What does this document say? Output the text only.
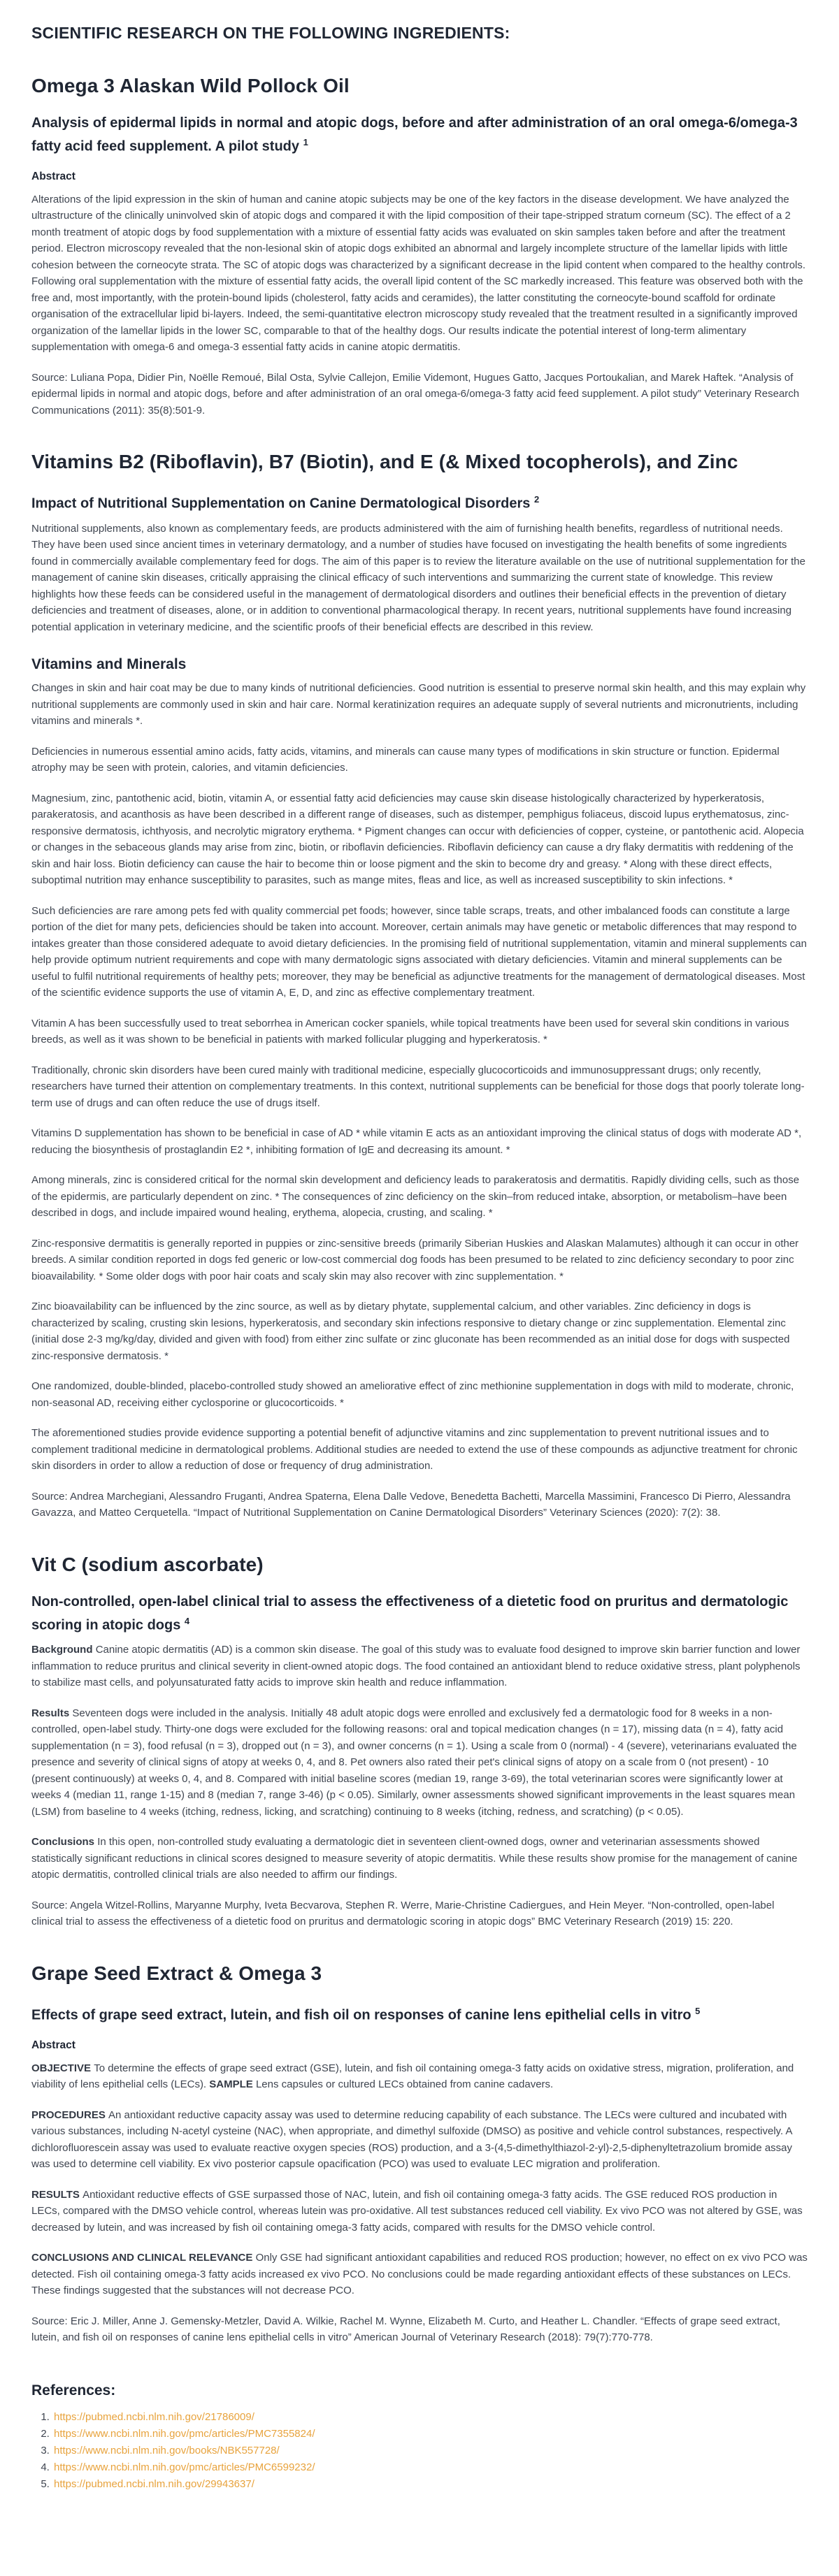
SCIENTIFIC RESEARCH ON THE FOLLOWING INGREDIENTS:
Omega 3 Alaskan Wild Pollock Oil
Analysis of epidermal lipids in normal and atopic dogs, before and after administration of an oral omega-6/omega-3 fatty acid feed supplement. A pilot study $^1$
Abstract

Alterations of the lipid expression in the skin of human and canine atopic subjects may be one of the key factors in the disease development. We have analyzed the ultrastructure of the clinically uninvolved skin of atopic dogs and compared it with the lipid composition of their tape-stripped stratum corneum (SC). The effect of a 2 month treatment of atopic dogs by food supplementation with a mixture of essential fatty acids was evaluated on skin samples taken before and after the treatment period. Electron microscopy revealed that the non-lesional skin of atopic dogs exhibited an abnormal and largely incomplete structure of the lamellar lipids with little cohesion between the corneocyte strata. The SC of atopic dogs was characterized by a significant decrease in the lipid content when compared to the healthy controls. Following oral supplementation with the mixture of essential fatty acids, the overall lipid content of the SC markedly increased. This feature was observed both with the free and, most importantly, with the protein-bound lipids (cholesterol, fatty acids and ceramides), the latter constituting the corneocyte-bound scaffold for ordinate organisation of the extracellular lipid bi-layers. Indeed, the semi-quantitative electron microscopy study revealed that the treatment resulted in a significantly improved organization of the lamellar lipids in the lower SC, comparable to that of the healthy dogs. Our results indicate the potential interest of long-term alimentary supplementation with omega-6 and omega-3 essential fatty acids in canine atopic dermatitis.

Source: Luliana Popa, Didier Pin, Noëlle Remoué, Bilal Osta, Sylvie Callejon, Emilie Videmont, Hugues Gatto, Jacques Portoukalian, and Marek Haftek. “Analysis of epidermal lipids in normal and atopic dogs, before and after administration of an oral omega-6/omega-3 fatty acid feed supplement. A pilot study” Veterinary Research Communications (2011): 35(8):501-9.

Vitamins B2 (Riboflavin), B7 (Biotin), and E (& Mixed tocopherols), and Zinc
Impact of Nutritional Supplementation on Canine Dermatological Disorders $^2$

Nutritional supplements, also known as complementary feeds, are products administered with the aim of furnishing health benefits, regardless of nutritional needs. They have been used since ancient times in veterinary dermatology, and a number of studies have focused on investigating the health benefits of some ingredients found in commercially available complementary feed for dogs. The aim of this paper is to review the literature available on the use of nutritional supplementation for the management of canine skin diseases, critically appraising the clinical efficacy of such interventions and summarizing the current state of knowledge. This review highlights how these feeds can be considered useful in the management of dermatological disorders and outlines their beneficial effects in the prevention of dietary deficiencies and treatment of diseases, alone, or in addition to conventional pharmacological therapy. In recent years, nutritional supplements have found increasing potential application in veterinary medicine, and the scientific proofs of their beneficial effects are described in this review.

Vitamins and Minerals

Changes in skin and hair coat may be due to many kinds of nutritional deficiencies. Good nutrition is essential to preserve normal skin health, and this may explain why nutritional supplements are commonly used in skin and hair care. Normal keratinization requires an adequate supply of several nutrients and micronutrients, including vitamins and minerals *.

Deficiencies in numerous essential amino acids, fatty acids, vitamins, and minerals can cause many types of modifications in skin structure or function. Epidermal atrophy may be seen with protein, calories, and vitamin deficiencies.

Magnesium, zinc, pantothenic acid, biotin, vitamin A, or essential fatty acid deficiencies may cause skin disease histologically characterized by hyperkeratosis, parakeratosis, and acanthosis as have been described in a different range of diseases, such as distemper, pemphigus foliaceus, discoid lupus erythematosus, zinc-responsive dermatosis, ichthyosis, and necrolytic migratory erythema. * Pigment changes can occur with deficiencies of copper, cysteine, or pantothenic acid. Alopecia or changes in the sebaceous glands may arise from zinc, biotin, or riboflavin deficiencies. Riboflavin deficiency can cause a dry flaky dermatitis with reddening of the skin and hair loss. Biotin deficiency can cause the hair to become thin or loose pigment and the skin to become dry and greasy. * Along with these direct effects, suboptimal nutrition may enhance susceptibility to parasites, such as mange mites, fleas and lice, as well as increased susceptibility to skin infections. *

Such deficiencies are rare among pets fed with quality commercial pet foods; however, since table scraps, treats, and other imbalanced foods can constitute a large portion of the diet for many pets, deficiencies should be taken into account. Moreover, certain animals may have genetic or metabolic differences that may respond to intakes greater than those considered adequate to avoid dietary deficiencies. In the promising field of nutritional supplementation, vitamin and mineral supplements can help provide optimum nutrient requirements and cope with many dermatologic signs associated with dietary deficiencies. Vitamin and mineral supplements can be useful to fulfil nutritional requirements of healthy pets; moreover, they may be beneficial as adjunctive treatments for the management of dermatological diseases. Most of the scientific evidence supports the use of vitamin A, E, D, and zinc as effective complementary treatment.

Vitamin A has been successfully used to treat seborrhea in American cocker spaniels, while topical treatments have been used for several skin conditions in various breeds, as well as it was shown to be beneficial in patients with marked follicular plugging and hyperkeratosis. *

Traditionally, chronic skin disorders have been cured mainly with traditional medicine, especially glucocorticoids and immunosuppressant drugs; only recently, researchers have turned their attention on complementary treatments. In this context, nutritional supplements can be beneficial for those dogs that poorly tolerate long-term use of drugs and can often reduce the use of drugs itself.

Vitamins D supplementation has shown to be beneficial in case of AD * while vitamin E acts as an antioxidant improving the clinical status of dogs with moderate AD *, reducing the biosynthesis of prostaglandin E2 *, inhibiting formation of IgE and decreasing its amount. *

Among minerals, zinc is considered critical for the normal skin development and deficiency leads to parakeratosis and dermatitis. Rapidly dividing cells, such as those of the epidermis, are particularly dependent on zinc. * The consequences of zinc deficiency on the skin–from reduced intake, absorption, or metabolism–have been described in dogs, and include impaired wound healing, erythema, alopecia, crusting, and scaling. *

Zinc-responsive dermatitis is generally reported in puppies or zinc-sensitive breeds (primarily Siberian Huskies and Alaskan Malamutes) although it can occur in other breeds. A similar condition reported in dogs fed generic or low-cost commercial dog foods has been presumed to be related to zinc deficiency secondary to poor zinc bioavailability. * Some older dogs with poor hair coats and scaly skin may also recover with zinc supplementation. *

Zinc bioavailability can be influenced by the zinc source, as well as by dietary phytate, supplemental calcium, and other variables. Zinc deficiency in dogs is characterized by scaling, crusting skin lesions, hyperkeratosis, and secondary skin infections responsive to dietary change or zinc supplementation. Elemental zinc (initial dose 2-3 mg/kg/day, divided and given with food) from either zinc sulfate or zinc gluconate has been recommended as an initial dose for dogs with suspected zinc-responsive dermatosis. *

One randomized, double-blinded, placebo-controlled study showed an ameliorative effect of zinc methionine supplementation in dogs with mild to moderate, chronic, non-seasonal AD, receiving either cyclosporine or glucocorticoids. *

The aforementioned studies provide evidence supporting a potential benefit of adjunctive vitamins and zinc supplementation to prevent nutritional issues and to complement traditional medicine in dermatological problems. Additional studies are needed to extend the use of these compounds as adjunctive treatment for chronic skin disorders in order to allow a reduction of dose or frequency of drug administration.

Source: Andrea Marchegiani, Alessandro Fruganti, Andrea Spaterna, Elena Dalle Vedove, Benedetta Bachetti, Marcella Massimini, Francesco Di Pierro, Alessandra Gavazza, and Matteo Cerquetella. “Impact of Nutritional Supplementation on Canine Dermatological Disorders” Veterinary Sciences (2020): 7(2): 38.

Vit C (sodium ascorbate)
Non-controlled, open-label clinical trial to assess the effectiveness of a dietetic food on pruritus and dermatologic scoring in atopic dogs $^4$

Background Canine atopic dermatitis (AD) is a common skin disease. The goal of this study was to evaluate food designed to improve skin barrier function and lower inflammation to reduce pruritus and clinical severity in client-owned atopic dogs. The food contained an antioxidant blend to reduce oxidative stress, plant polyphenols to stabilize mast cells, and polyunsaturated fatty acids to improve skin health and reduce inflammation.

Results Seventeen dogs were included in the analysis. Initially 48 adult atopic dogs were enrolled and exclusively fed a dermatologic food for 8 weeks in a non-controlled, open-label study. Thirty-one dogs were excluded for the following reasons: oral and topical medication changes (n = 17), missing data (n = 4), fatty acid supplementation (n = 3), food refusal (n = 3), dropped out (n = 3), and owner concerns (n = 1). Using a scale from 0 (normal) - 4 (severe), veterinarians evaluated the presence and severity of clinical signs of atopy at weeks 0, 4, and 8. Pet owners also rated their pet's clinical signs of atopy on a scale from 0 (not present) - 10 (present continuously) at weeks 0, 4, and 8. Compared with initial baseline scores (median 19, range 3-69), the total veterinarian scores were significantly lower at weeks 4 (median 11, range 1-15) and 8 (median 7, range 3-46) (p < 0.05). Similarly, owner assessments showed significant improvements in the least squares mean (LSM) from baseline to 4 weeks (itching, redness, licking, and scratching) continuing to 8 weeks (itching, redness, and scratching) (p < 0.05).

Conclusions In this open, non-controlled study evaluating a dermatologic diet in seventeen client-owned dogs, owner and veterinarian assessments showed statistically significant reductions in clinical scores designed to measure severity of atopic dermatitis. While these results show promise for the management of canine atopic dermatitis, controlled clinical trials are also needed to affirm our findings.

Source: Angela Witzel-Rollins, Maryanne Murphy, Iveta Becvarova, Stephen R. Werre, Marie-Christine Cadiergues, and Hein Meyer. “Non-controlled, open-label clinical trial to assess the effectiveness of a dietetic food on pruritus and dermatologic scoring in atopic dogs” BMC Veterinary Research (2019) 15: 220.

Grape Seed Extract & Omega 3
Effects of grape seed extract, lutein, and fish oil on responses of canine lens epithelial cells in vitro $^5$
Abstract

OBJECTIVE To determine the effects of grape seed extract (GSE), lutein, and fish oil containing omega-3 fatty acids on oxidative stress, migration, proliferation, and viability of lens epithelial cells (LECs). SAMPLE Lens capsules or cultured LECs obtained from canine cadavers.

PROCEDURES An antioxidant reductive capacity assay was used to determine reducing capability of each substance. The LECs were cultured and incubated with various substances, including N-acetyl cysteine (NAC), when appropriate, and dimethyl sulfoxide (DMSO) as positive and vehicle control substances, respectively. A dichlorofluorescein assay was used to evaluate reactive oxygen species (ROS) production, and a 3-(4,5-dimethylthiazol-2-yl)-2,5-diphenyltetrazolium bromide assay was used to determine cell viability. Ex vivo posterior capsule opacification (PCO) was used to evaluate LEC migration and proliferation.

RESULTS Antioxidant reductive effects of GSE surpassed those of NAC, lutein, and fish oil containing omega-3 fatty acids. The GSE reduced ROS production in LECs, compared with the DMSO vehicle control, whereas lutein was pro-oxidative. All test substances reduced cell viability. Ex vivo PCO was not altered by GSE, was decreased by lutein, and was increased by fish oil containing omega-3 fatty acids, compared with results for the DMSO vehicle control.

CONCLUSIONS AND CLINICAL RELEVANCE Only GSE had significant antioxidant capabilities and reduced ROS production; however, no effect on ex vivo PCO was detected. Fish oil containing omega-3 fatty acids increased ex vivo PCO. No conclusions could be made regarding antioxidant effects of these substances on LECs. These findings suggested that the substances will not decrease PCO.

Source: Eric J. Miller, Anne J. Gemensky-Metzler, David A. Wilkie, Rachel M. Wynne, Elizabeth M. Curto, and Heather L. Chandler. “Effects of grape seed extract, lutein, and fish oil on responses of canine lens epithelial cells in vitro” American Journal of Veterinary Research (2018): 79(7):770-778.

References:
1. https://pubmed.ncbi.nlm.nih.gov/21786009/
2. https://www.ncbi.nlm.nih.gov/pmc/articles/PMC7355824/
3. https://www.ncbi.nlm.nih.gov/books/NBK557728/
4. https://www.ncbi.nlm.nih.gov/pmc/articles/PMC6599232/
5. https://pubmed.ncbi.nlm.nih.gov/29943637/
